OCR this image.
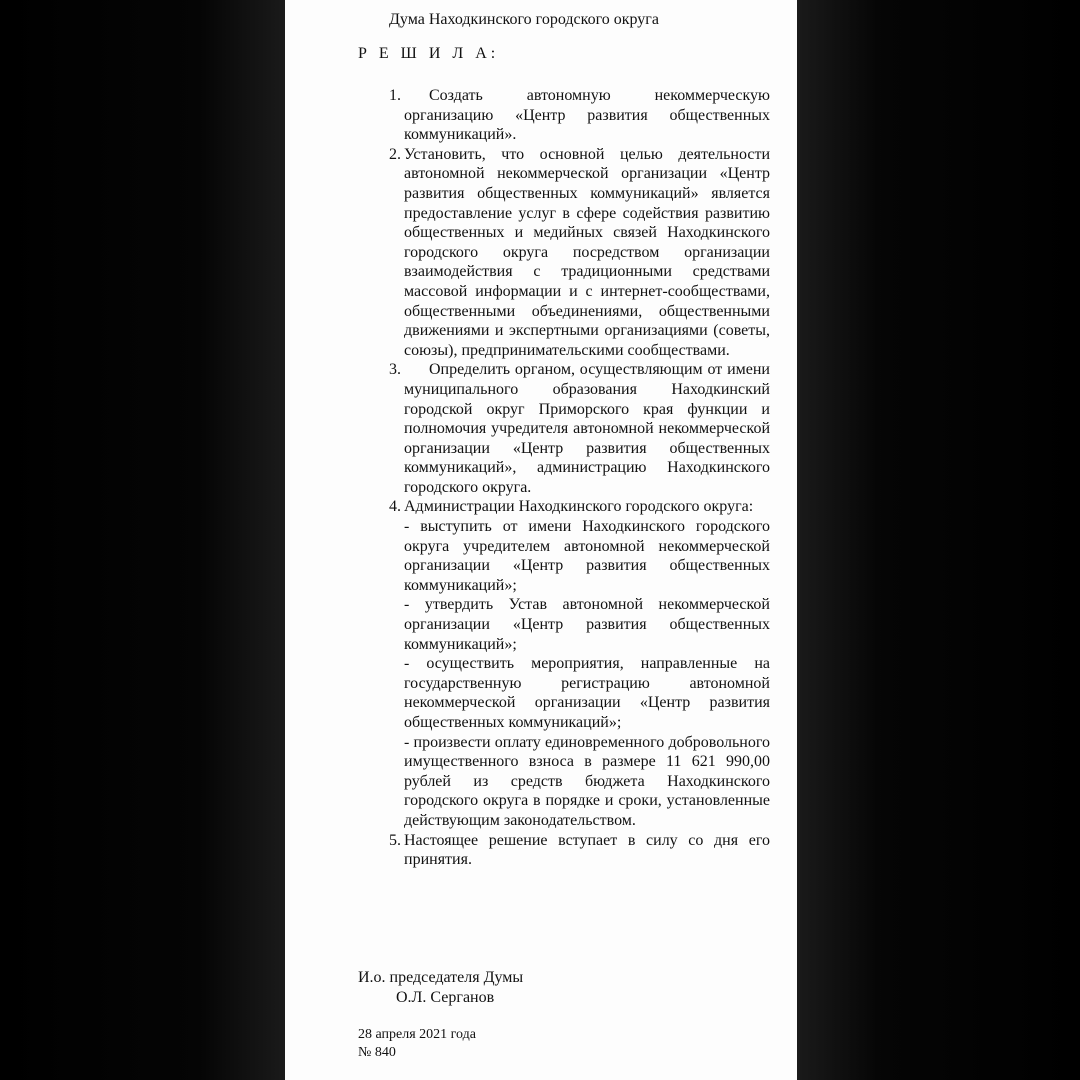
Дума Находкинского городского округа
Р Е Ш И Л А:
1.	Создать автономную некоммерческую организацию «Центр развития общественных коммуникаций».
2. Установить, что основной целью деятельности автономной некоммерческой организации «Центр развития общественных коммуникаций» является предоставление услуг в сфере содействия развитию общественных и медийных связей Находкинского городского округа посредством организации взаимодействия с традиционными средствами массовой информации и с интернет-сообществами, общественными объединениями, общественными движениями и экспертными организациями (советы, союзы), предпринимательскими сообществами.
3.	Определить органом, осуществляющим от имени муниципального образования Находкинский городской округ Приморского края функции и полномочия учредителя автономной некоммерческой организации «Центр развития общественных коммуникаций», администрацию Находкинского городского округа.
4. Администрации Находкинского городского округа:
- выступить от имени Находкинского городского округа учредителем автономной некоммерческой организации «Центр развития общественных коммуникаций»;
- утвердить Устав автономной некоммерческой организации «Центр развития общественных коммуникаций»;
- осуществить мероприятия, направленные на государственную регистрацию автономной некоммерческой организации «Центр развития общественных коммуникаций»;
- произвести оплату единовременного добровольного имущественного взноса в размере 11 621 990,00 рублей из средств бюджета Находкинского городского округа в порядке и сроки, установленные действующим законодательством.
5. Настоящее решение вступает в силу со дня его принятия.
И.о. председателя Думы
О.Л. Серганов
28 апреля 2021 года
№ 840
